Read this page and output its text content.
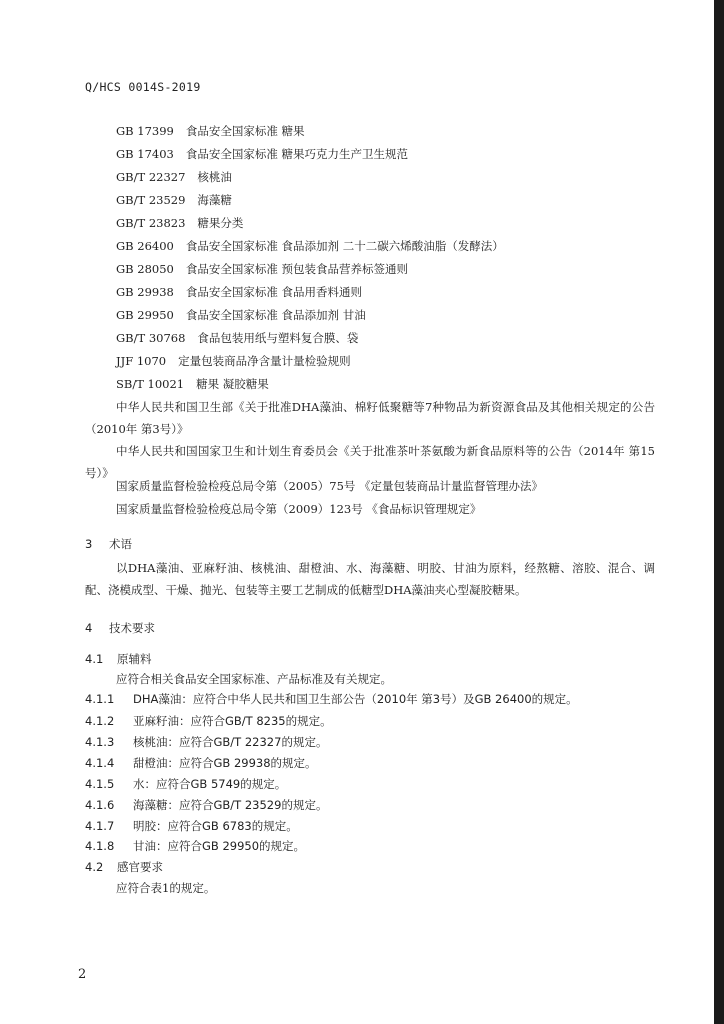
Q/HCS 0014S-2019
GB 17399 食品安全国家标准 糖果
GB 17403 食品安全国家标准 糖果巧克力生产卫生规范
GB/T 22327 核桃油
GB/T 23529 海藻糖
GB/T 23823 糖果分类
GB 26400 食品安全国家标准 食品添加剂 二十二碳六烯酸油脂（发酵法）
GB 28050 食品安全国家标准 预包装食品营养标签通则
GB 29938 食品安全国家标准 食品用香料通则
GB 29950 食品安全国家标准 食品添加剂 甘油
GB/T 30768 食品包装用纸与塑料复合膜、袋
JJF 1070 定量包装商品净含量计量检验规则
SB/T 10021 糖果 凝胶糖果

中华人民共和国卫生部《关于批准DHA藻油、棉籽低聚糖等7种物品为新资源食品及其他相关规定的公告（2010年 第3号）》

中华人民共和国国家卫生和计划生育委员会《关于批准茶叶茶氨酸为新食品原料等的公告（2014年 第15号）》

国家质量监督检验检疫总局令第（2005）75号 《定量包装商品计量监督管理办法》
国家质量监督检验检疫总局令第（2009）123号 《食品标识管理规定》
3 术语

以DHA藻油、亚麻籽油、核桃油、甜橙油、水、海藻糖、明胶、甘油为原料，经熬糖、溶胶、混合、调配、浇模成型、干燥、抛光、包装等主要工艺制成的低糖型DHA藻油夹心型凝胶糖果。

4 技术要求
4.1 原辅料
应符合相关食品安全国家标准、产品标准及有关规定。
4.1.1 DHA藻油：应符合中华人民共和国卫生部公告（2010年 第3号）及GB 26400的规定。
4.1.2 亚麻籽油：应符合GB/T 8235的规定。
4.1.3 核桃油：应符合GB/T 22327的规定。
4.1.4 甜橙油：应符合GB 29938的规定。
4.1.5 水：应符合GB 5749的规定。
4.1.6 海藻糖：应符合GB/T 23529的规定。
4.1.7 明胶：应符合GB 6783的规定。
4.1.8 甘油：应符合GB 29950的规定。
4.2 感官要求
应符合表1的规定。
2
